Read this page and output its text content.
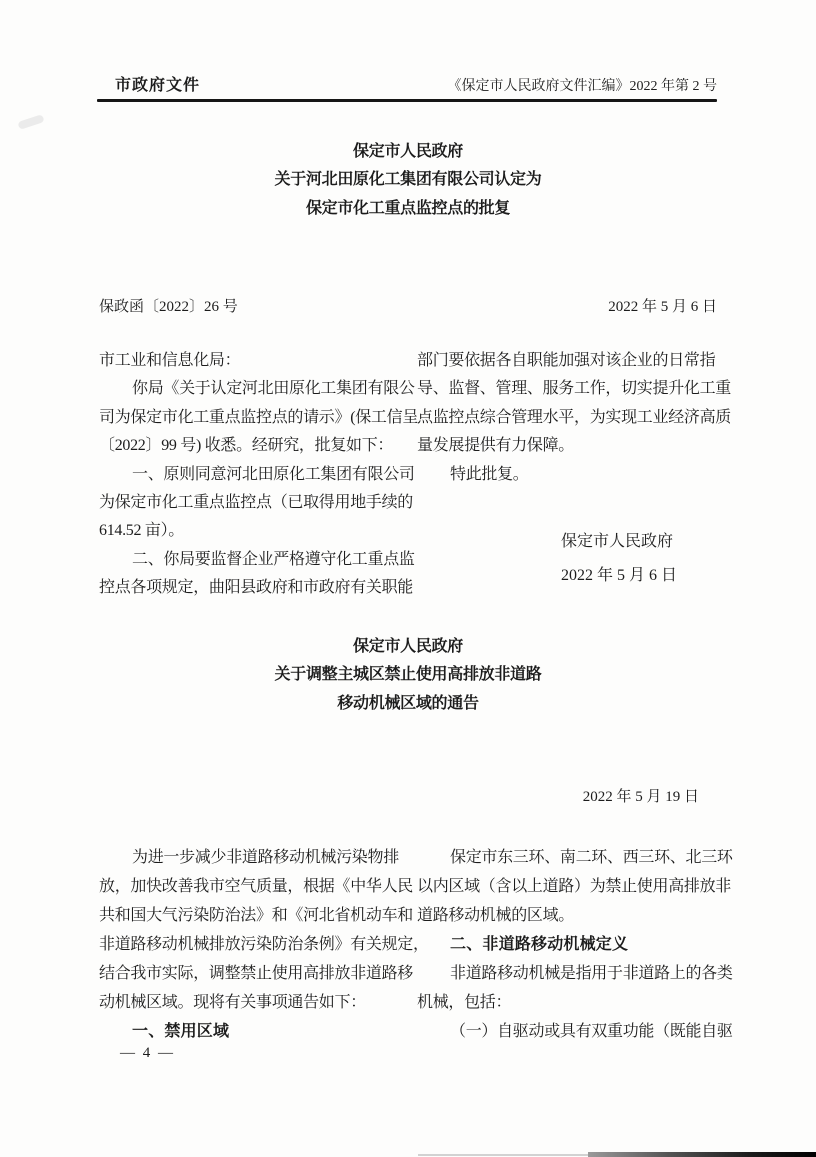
市政府文件	《保定市人民政府文件汇编》2022 年第 2 号
保定市人民政府
关于河北田原化工集团有限公司认定为
保定市化工重点监控点的批复
保政函〔2022〕26 号	2022 年 5 月 6 日
市工业和信息化局：
你局《关于认定河北田原化工集团有限公
司为保定市化工重点监控点的请示》(保工信呈
〔2022〕99 号) 收悉。经研究，批复如下：
一、原则同意河北田原化工集团有限公司
为保定市化工重点监控点（已取得用地手续的
614.52 亩）。
二、你局要监督企业严格遵守化工重点监
控点各项规定，曲阳县政府和市政府有关职能
部门要依据各自职能加强对该企业的日常指
导、监督、管理、服务工作，切实提升化工重
点监控点综合管理水平，为实现工业经济高质
量发展提供有力保障。
特此批复。
保定市人民政府
2022 年 5 月 6 日
保定市人民政府
关于调整主城区禁止使用高排放非道路
移动机械区域的通告
2022 年 5 月 19 日
为进一步减少非道路移动机械污染物排
放，加快改善我市空气质量，根据《中华人民
共和国大气污染防治法》和《河北省机动车和
非道路移动机械排放污染防治条例》有关规定，
结合我市实际，调整禁止使用高排放非道路移
动机械区域。现将有关事项通告如下：
一、禁用区域
保定市东三环、南二环、西三环、北三环
以内区域（含以上道路）为禁止使用高排放非
道路移动机械的区域。
二、非道路移动机械定义
非道路移动机械是指用于非道路上的各类
机械，包括：
（一）自驱动或具有双重功能（既能自驱
— 4 —
